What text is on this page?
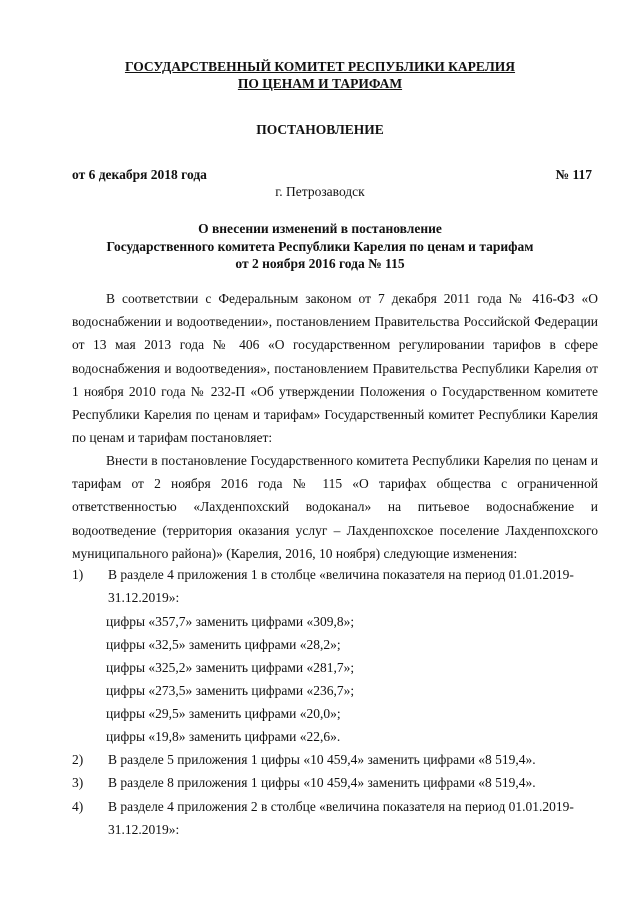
ГОСУДАРСТВЕННЫЙ КОМИТЕТ РЕСПУБЛИКИ КАРЕЛИЯ
ПО ЦЕНАМ И ТАРИФАМ
ПОСТАНОВЛЕНИЕ
от 6 декабря 2018 года	№ 117
г. Петрозаводск
О внесении изменений в постановление
Государственного комитета Республики Карелия по ценам и тарифам
от 2 ноября 2016 года № 115

В соответствии с Федеральным законом от 7 декабря 2011 года № 416-ФЗ «О водоснабжении и водоотведении», постановлением Правительства Российской Федерации от 13 мая 2013 года № 406 «О государственном регулировании тарифов в сфере водоснабжения и водоотведения», постановлением Правительства Республики Карелия от 1 ноября 2010 года № 232-П «Об утверждении Положения о Государственном комитете Республики Карелия по ценам и тарифам» Государственный комитет Республики Карелия по ценам и тарифам постановляет:

Внести в постановление Государственного комитета Республики Карелия по ценам и тарифам от 2 ноября 2016 года № 115 «О тарифах общества с ограниченной ответственностью «Лахденпохский водоканал» на питьевое водоснабжение и водоотведение (территория оказания услуг – Лахденпохское поселение Лахденпохского муниципального района)» (Карелия, 2016, 10 ноября) следующие изменения:

1)	В разделе 4 приложения 1 в столбце «величина показателя на период 01.01.2019-
31.12.2019»:
цифры «357,7» заменить цифрами «309,8»;
цифры «32,5» заменить цифрами «28,2»;
цифры «325,2» заменить цифрами «281,7»;
цифры «273,5» заменить цифрами «236,7»;
цифры «29,5» заменить цифрами «20,0»;
цифры «19,8» заменить цифрами «22,6».
2)	В разделе 5 приложения 1 цифры «10 459,4» заменить цифрами «8 519,4».
3)	В разделе 8 приложения 1 цифры «10 459,4» заменить цифрами «8 519,4».
4)	В разделе 4 приложения 2 в столбце «величина показателя на период 01.01.2019-
31.12.2019»:
